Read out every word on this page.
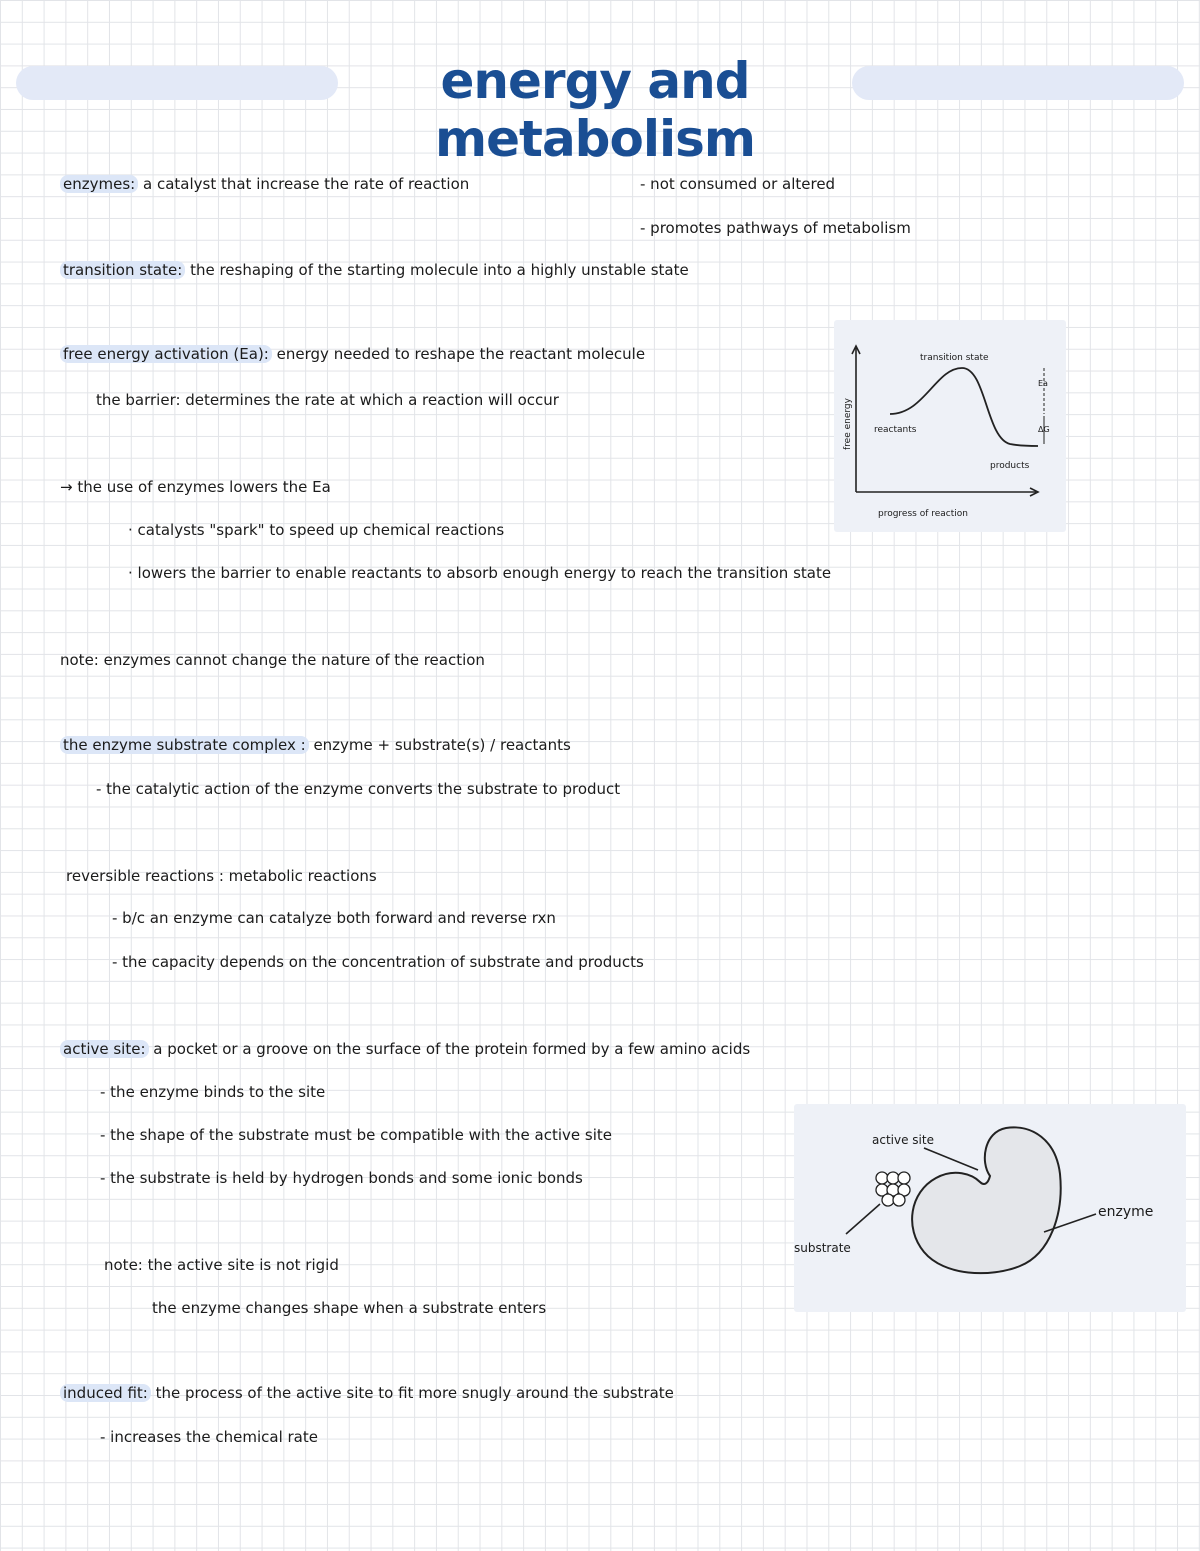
energy and metabolism
enzymes: a catalyst that increase the rate of reaction	- not consumed or altered
- promotes pathways of metabolism
transition state: the reshaping of the starting molecule into a highly unstable state
free energy activation (Ea): energy needed to reshape the reactant molecule
the barrier: determines the rate at which a reaction will occur
→ the use of enzymes lowers the Ea
· catalysts "spark" to speed up chemical reactions
· lowers the barrier to enable reactants to absorb enough energy to reach the transition state
note: enzymes cannot change the nature of the reaction
the enzyme substrate complex : enzyme + substrate(s) / reactants
- the catalytic action of the enzyme converts the substrate to product
reversible reactions : metabolic reactions
- b/c an enzyme can catalyze both forward and reverse rxn
- the capacity depends on the concentration of substrate and products
active site: a pocket or a groove on the surface of the protein formed by a few amino acids
- the enzyme binds to the site
- the shape of the substrate must be compatible with the active site
- the substrate is held by hydrogen bonds and some ionic bonds
note: the active site is not rigid
the enzyme changes shape when a substrate enters
induced fit: the process of the active site to fit more snugly around the substrate
- increases the chemical rate
transition state
reactants
products
Ea
ΔG
progress of reaction
free energy
active site
substrate
enzyme
